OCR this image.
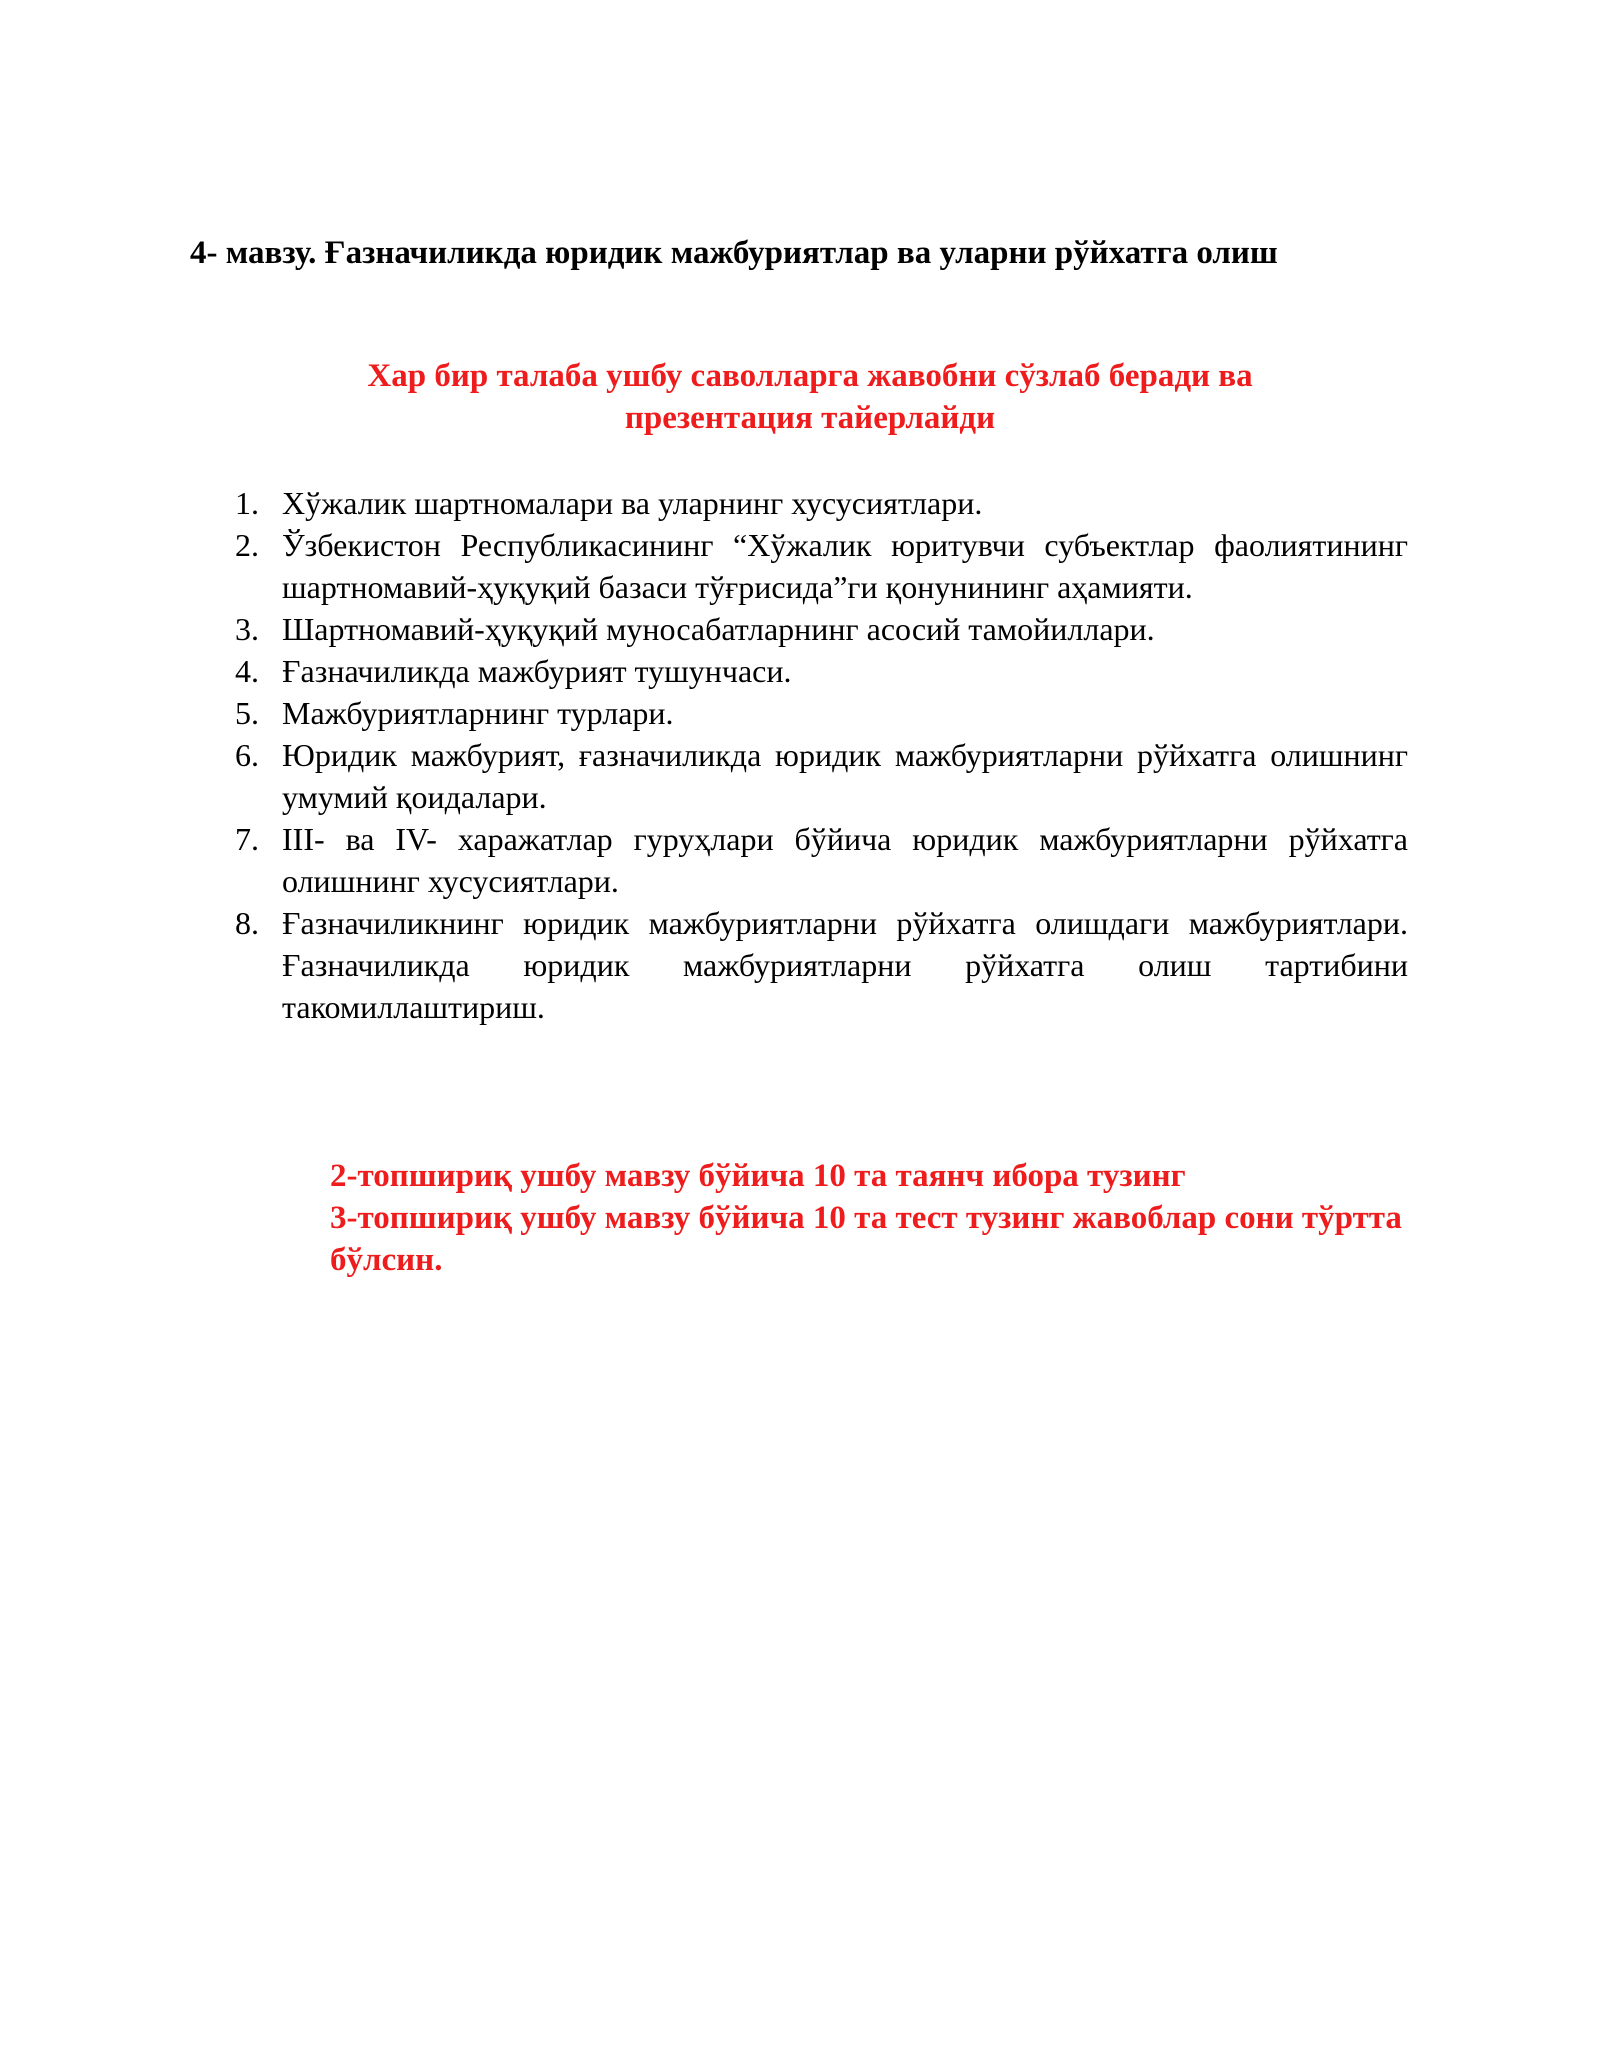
4- мавзу. Ғазначиликда юридик мажбуриятлар ва уларни рўйхатга олиш
Хар бир талаба ушбу саволларга жавобни сўзлаб беради ва
презентация тайерлайди
1. Хўжалик шартномалари ва уларнинг хусусиятлари.
2. Ўзбекистон Республикасининг “Хўжалик юритувчи субъектлар фаолиятининг шартномавий-ҳуқуқий базаси тўғрисида”ги қонунининг аҳамияти.
3. Шартномавий-ҳуқуқий муносабатларнинг асосий тамойиллари.
4. Ғазначиликда мажбурият тушунчаси.
5. Мажбуриятларнинг турлари.
6. Юридик мажбурият, ғазначиликда юридик мажбуриятларни рўйхатга олишнинг умумий қоидалари.
7. III- ва IV- харажатлар гуруҳлари бўйича юридик мажбуриятларни рўйхатга олишнинг хусусиятлари.
8. Ғазначиликнинг юридик мажбуриятларни рўйхатга олишдаги мажбуриятлари. Ғазначиликда юридик мажбуриятларни рўйхатга олиш тартибини такомиллаштириш.

2-топшириқ ушбу мавзу бўйича 10 та таянч ибора тузинг

3-топшириқ ушбу мавзу бўйича 10 та тест тузинг жавоблар сони тўртта бўлсин.
